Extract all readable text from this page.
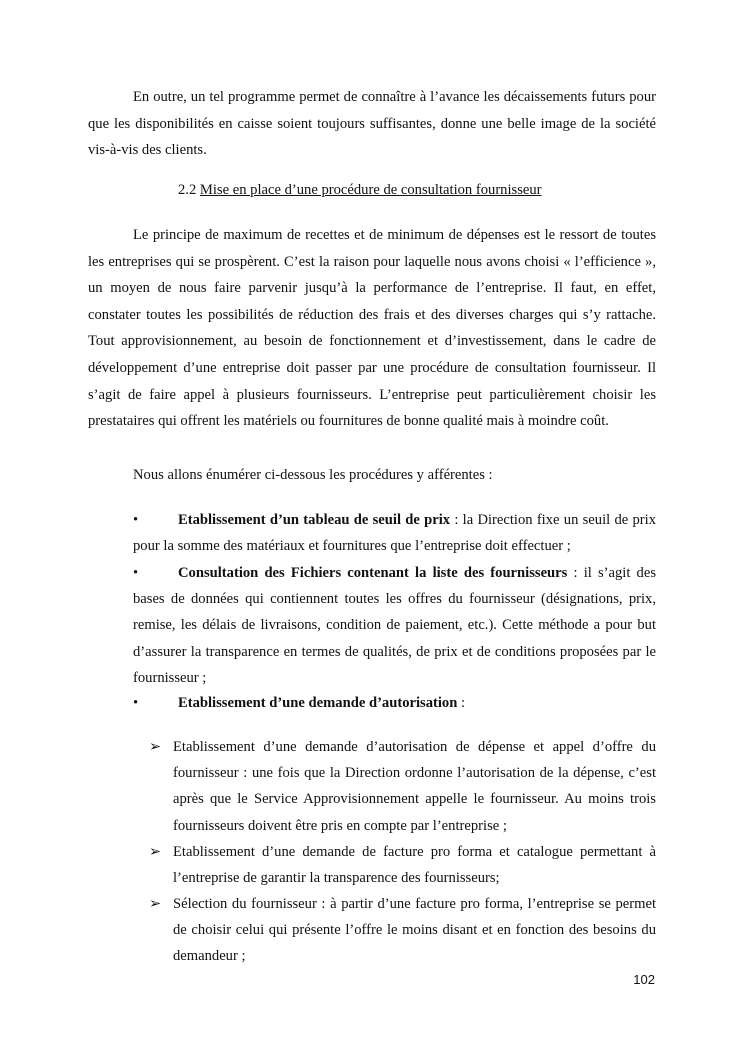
En outre, un tel programme permet de connaître à l’avance les décaissements futurs pour que les disponibilités en caisse soient toujours suffisantes, donne une belle image de la société vis-à-vis des clients.

2.2 Mise en place d’une procédure de consultation fournisseur

Le principe de maximum de recettes et de minimum de dépenses est le ressort de toutes les entreprises qui se prospèrent. C’est la raison pour laquelle nous avons choisi « l’efficience », un moyen de nous faire parvenir jusqu’à la performance de l’entreprise. Il faut, en effet, constater toutes les possibilités de réduction des frais et des diverses charges qui s’y rattache. Tout approvisionnement, au besoin de fonctionnement et d’investissement, dans le cadre de développement d’une entreprise doit passer par une procédure de consultation fournisseur. Il s’agit de faire appel à plusieurs fournisseurs. L’entreprise peut particulièrement choisir les prestataires qui offrent les matériels ou fournitures de bonne qualité mais à moindre coût.

Nous allons énumérer ci-dessous les procédures y afférentes :

•	Etablissement d’un tableau de seuil de prix : la Direction fixe un seuil de prix pour la somme des matériaux et fournitures que l’entreprise doit effectuer ;
•	Consultation des Fichiers contenant la liste des fournisseurs : il s’agit des bases de données qui contiennent toutes les offres du fournisseur (désignations, prix, remise, les délais de livraisons, condition de paiement, etc.). Cette méthode a pour but d’assurer la transparence en termes de qualités, de prix et de conditions proposées par le fournisseur ;
•	Etablissement d’une demande d’autorisation :
➢ Etablissement d’une demande d’autorisation de dépense et appel d’offre du fournisseur : une fois que la Direction ordonne l’autorisation de la dépense, c’est après que le Service Approvisionnement appelle le fournisseur. Au moins trois fournisseurs doivent être pris en compte par l’entreprise ;
➢ Etablissement d’une demande de facture pro forma et catalogue permettant à l’entreprise de garantir la transparence des fournisseurs;
➢ Sélection du fournisseur : à partir d’une facture pro forma, l’entreprise se permet de choisir celui qui présente l’offre le moins disant et en fonction des besoins du demandeur ;
102
